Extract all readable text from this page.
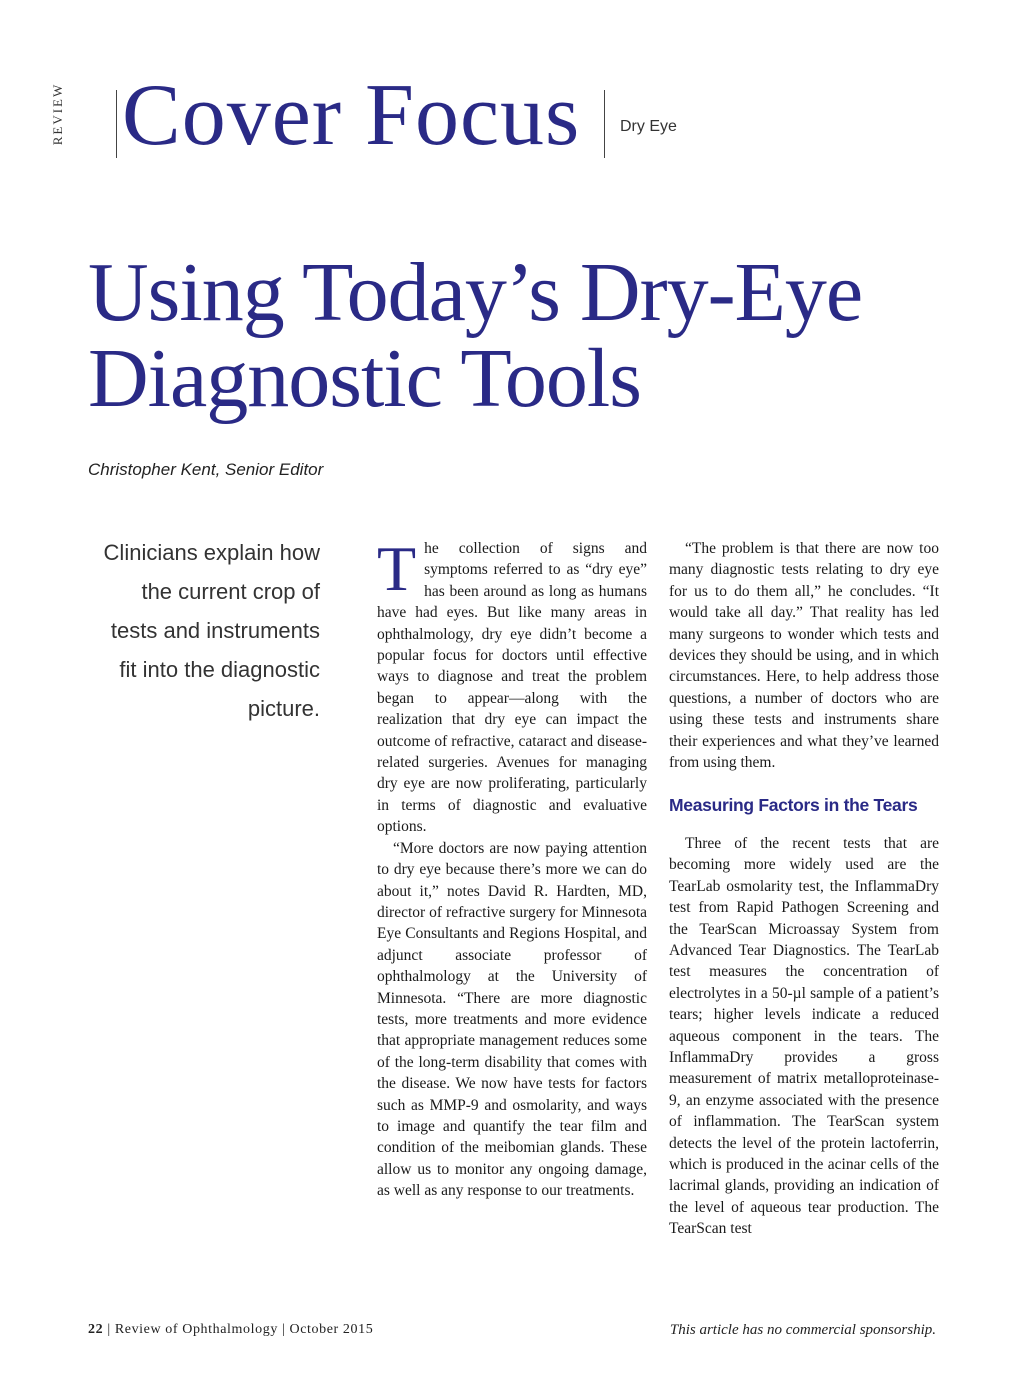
REVIEW Cover Focus Dry Eye
Using Today’s Dry-Eye
Diagnostic Tools
Christopher Kent, Senior Editor
Clinicians explain how the current crop of tests and instruments fit into the diagnostic picture.

The collection of signs and symptoms referred to as “dry eye” has been around as long as humans have had eyes. But like many areas in ophthalmology, dry eye didn’t become a popular focus for doctors until effective ways to diagnose and treat the problem began to appear—along with the realization that dry eye can impact the outcome of refractive, cataract and disease-related surgeries. Avenues for managing dry eye are now proliferating, particularly in terms of diagnostic and evaluative options.

“More doctors are now paying attention to dry eye because there’s more we can do about it,” notes David R. Hardten, MD, director of refractive surgery for Minnesota Eye Consultants and Regions Hospital, and adjunct associate professor of ophthalmology at the University of Minnesota. “There are more diagnostic tests, more treatments and more evidence that appropriate management reduces some of the long-term disability that comes with the disease. We now have tests for factors such as MMP-9 and osmolarity, and ways to image and quantify the tear film and condition of the meibomian glands. These allow us to monitor any ongoing damage, as well as any response to our treatments.

“The problem is that there are now too many diagnostic tests relating to dry eye for us to do them all,” he concludes. “It would take all day.” That reality has led many surgeons to wonder which tests and devices they should be using, and in which circumstances. Here, to help address those questions, a number of doctors who are using these tests and instruments share their experiences and what they’ve learned from using them.

Measuring Factors in the Tears

Three of the recent tests that are becoming more widely used are the TearLab osmolarity test, the InflammaDry test from Rapid Pathogen Screening and the TearScan Microassay System from Advanced Tear Diagnostics. The TearLab test measures the concentration of electrolytes in a 50-µl sample of a patient’s tears; higher levels indicate a reduced aqueous component in the tears. The InflammaDry provides a gross measurement of matrix metalloproteinase-9, an enzyme associated with the presence of inflammation. The TearScan system detects the level of the protein lactoferrin, which is produced in the acinar cells of the lacrimal glands, providing an indication of the level of aqueous tear production. The TearScan test

22 | Review of Ophthalmology | October 2015	This article has no commercial sponsorship.
